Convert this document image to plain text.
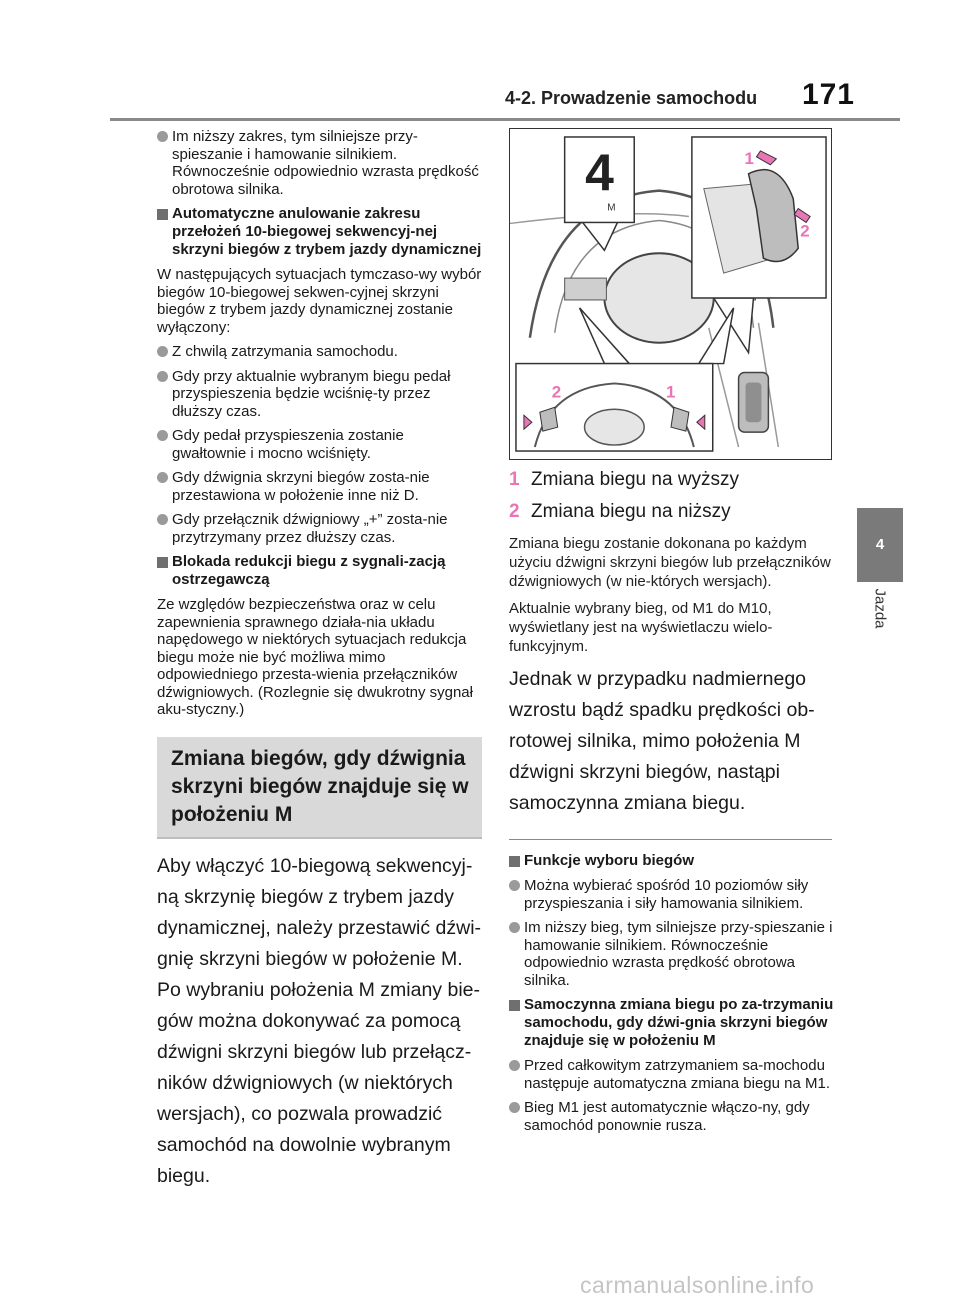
4-2. Prowadzenie samochodu 171
4
Jazda
Im niższy zakres, tym silniejsze przy-spieszanie i hamowanie silnikiem. Równocześnie odpowiednio wzrasta prędkość obrotowa silnika.
Automatyczne anulowanie zakresu przełożeń 10-biegowej sekwencyj-nej skrzyni biegów z trybem jazdy dynamicznej
W następujących sytuacjach tymczaso-wy wybór biegów 10-biegowej sekwen-cyjnej skrzyni biegów z trybem jazdy dynamicznej zostanie wyłączony:
Z chwilą zatrzymania samochodu.
Gdy przy aktualnie wybranym biegu pedał przyspieszenia będzie wciśnię-ty przez dłuższy czas.
Gdy pedał przyspieszenia zostanie gwałtownie i mocno wciśnięty.
Gdy dźwignia skrzyni biegów zosta-nie przestawiona w położenie inne niż D.
Gdy przełącznik dźwigniowy „+” zosta-nie przytrzymany przez dłuższy czas.
Blokada redukcji biegu z sygnali-zacją ostrzegawczą
Ze względów bezpieczeństwa oraz w celu zapewnienia sprawnego działa-nia układu napędowego w niektórych sytuacjach redukcja biegu może nie być możliwa mimo odpowiedniego przesta-wienia przełączników dźwigniowych. (Rozlegnie się dwukrotny sygnał aku-styczny.)
Zmiana biegów, gdy dźwignia skrzyni biegów znajduje się w położeniu M
Aby włączyć 10-biegową sekwencyj-ną skrzynię biegów z trybem jazdy dynamicznej, należy przestawić dźwi-gnię skrzyni biegów w położenie M. Po wybraniu położenia M zmiany bie-gów można dokonywać za pomocą dźwigni skrzyni biegów lub przełącz-ników dźwigniowych (w niektórych wersjach), co pozwala prowadzić samochód na dowolnie wybranym biegu.
4
M
1
2
2	1
1 Zmiana biegu na wyższy
2 Zmiana biegu na niższy
Zmiana biegu zostanie dokonana po każdym użyciu dźwigni skrzyni biegów lub przełączników dźwigniowych (w nie-których wersjach).
Aktualnie wybrany bieg, od M1 do M10, wyświetlany jest na wyświetlaczu wielo-funkcyjnym.
Jednak w przypadku nadmiernego wzrostu bądź spadku prędkości ob-rotowej silnika, mimo położenia M dźwigni skrzyni biegów, nastąpi samoczynna zmiana biegu.
Funkcje wyboru biegów
Można wybierać spośród 10 poziomów siły przyspieszania i siły hamowania silnikiem.
Im niższy bieg, tym silniejsze przy-spieszanie i hamowanie silnikiem. Równocześnie odpowiednio wzrasta prędkość obrotowa silnika.
Samoczynna zmiana biegu po za-trzymaniu samochodu, gdy dźwi-gnia skrzyni biegów znajduje się w położeniu M
Przed całkowitym zatrzymaniem sa-mochodu następuje automatyczna zmiana biegu na M1.
Bieg M1 jest automatycznie włączo-ny, gdy samochód ponownie rusza.
carmanualsonline.info
